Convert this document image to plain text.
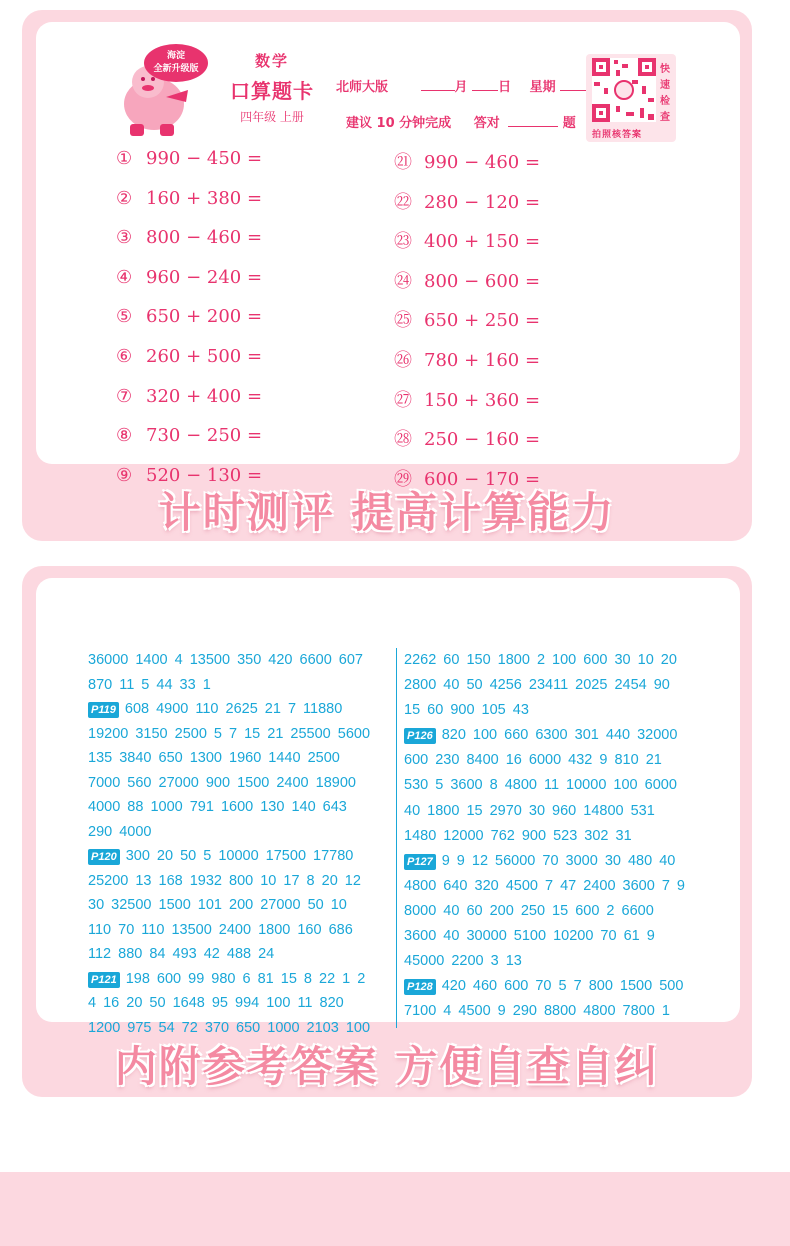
海淀
全新升级版	数学
口算题卡
四年级 上册
北师大版	月 日 星期
建议 10 分钟完成 答对	题
快速检查
拍照核答案
① 990 − 450 =
② 160 + 380 =
③ 800 − 460 =
④ 960 − 240 =
⑤ 650 + 200 =
⑥ 260 + 500 =
⑦ 320 + 400 =
⑧ 730 − 250 =
⑨ 520 − 130 =
㉑ 990 − 460 =
㉒ 280 − 120 =
㉓ 400 + 150 =
㉔ 800 − 600 =
㉕ 650 + 250 =
㉖ 780 + 160 =
㉗ 150 + 360 =
㉘ 250 − 160 =
㉙ 600 − 170 =
计时测评 提高计算能力
36000 1400 4 13500 350 420 6600 607
870 11 5 44 33 1
P119 608 4900 110 2625 21 7 11880
19200 3150 2500 5 7 15 21 25500 5600
135 3840 650 1300 1960 1440 2500
7000 560 27000 900 1500 2400 18900
4000 88 1000 791 1600 130 140 643
290 4000
P120 300 20 50 5 10000 17500 17780
25200 13 168 1932 800 10 17 8 20 12
30 32500 1500 101 200 27000 50 10
110 70 110 13500 2400 1800 160 686
112 880 84 493 42 488 24
P121 198 600 99 980 6 81 15 8 22 1 2
4 16 20 50 1648 95 994 100 11 820
1200 975 54 72 370 650 1000 2103 100
2262 60 150 1800 2 100 600 30 10 20
2800 40 50 4256 23411 2025 2454 90
15 60 900 105 43
P126 820 100 660 6300 301 440 32000
600 230 8400 16 6000 432 9 810 21
530 5 3600 8 4800 11 10000 100 6000
40 1800 15 2970 30 960 14800 531
1480 12000 762 900 523 302 31
P127 9 9 12 56000 70 3000 30 480 40
4800 640 320 4500 7 47 2400 3600 7 9
8000 40 60 200 250 15 600 2 6600
3600 40 30000 5100 10200 70 61 9
45000 2200 3 13
P128 420 460 600 70 5 7 800 1500 500
7100 4 4500 9 290 8800 4800 7800 1
内附参考答案 方便自查自纠
